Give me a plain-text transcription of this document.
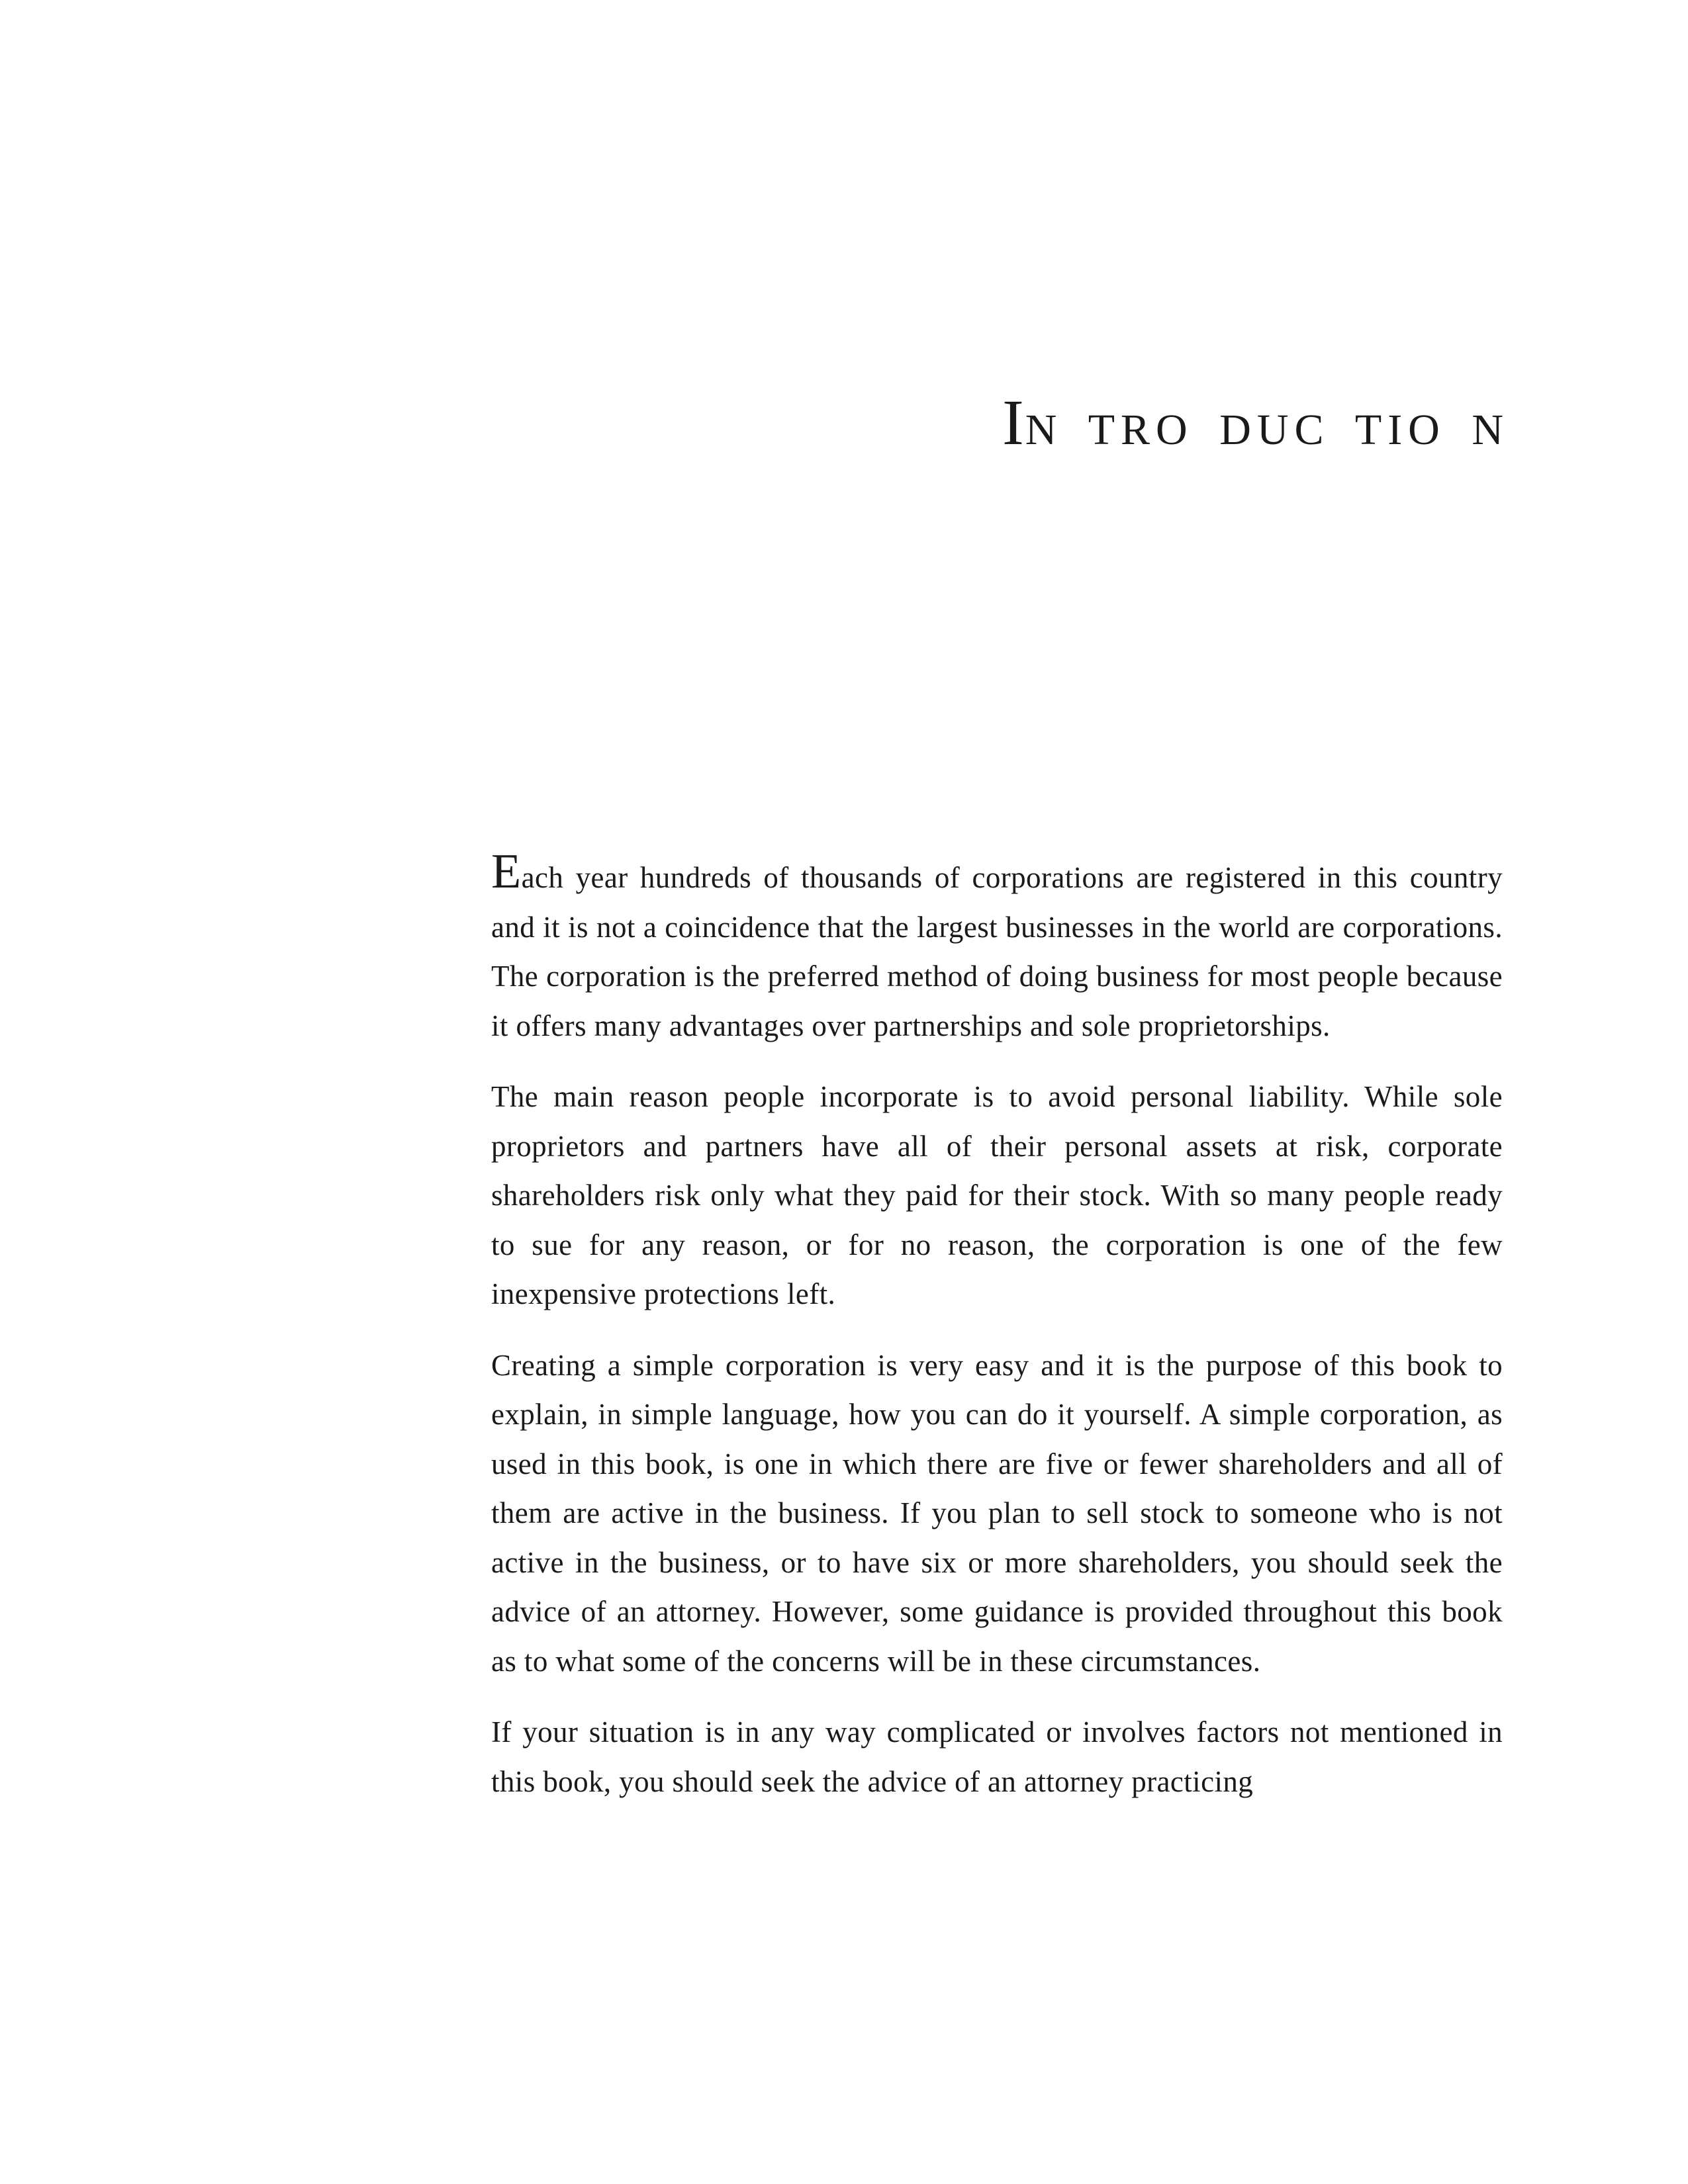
IN TRO DUC TIO N

Each year hundreds of thousands of corporations are registered in this country and it is not a coincidence that the largest businesses in the world are corporations. The corporation is the preferred method of doing business for most people because it offers many advantages over partnerships and sole proprietorships.

The main reason people incorporate is to avoid personal liability. While sole proprietors and partners have all of their personal assets at risk, corporate shareholders risk only what they paid for their stock. With so many people ready to sue for any reason, or for no reason, the corporation is one of the few inexpensive protections left.

Creating a simple corporation is very easy and it is the purpose of this book to explain, in simple language, how you can do it yourself. A simple corporation, as used in this book, is one in which there are five or fewer shareholders and all of them are active in the business. If you plan to sell stock to someone who is not active in the business, or to have six or more shareholders, you should seek the advice of an attorney. However, some guidance is provided throughout this book as to what some of the concerns will be in these circumstances.

If your situation is in any way complicated or involves factors not mentioned in this book, you should seek the advice of an attorney practicing
